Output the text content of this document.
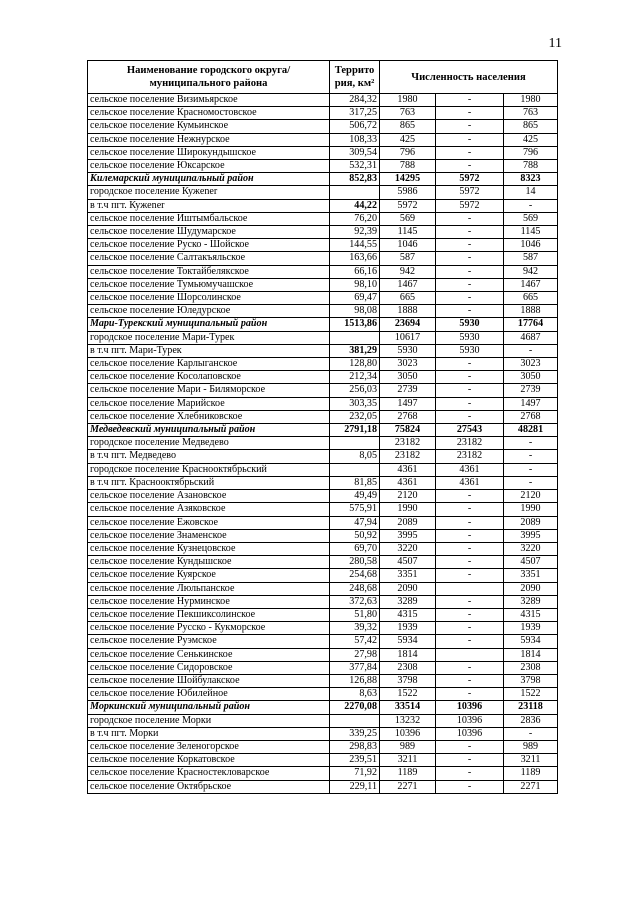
11
Наименование городского округа/муниципального района	Террито рия, км²	Численность населения		
сельское поселение Визимьярское	284,32	1980	-	1980
сельское поселение Красномостовское	317,25	763	-	763
сельское поселение Кумьинское	506,72	865	-	865
сельское поселение Нежнурское	108,33	425	-	425
сельское поселение Широкундышское	309,54	796	-	796
сельское поселение Юксарское	532,31	788	-	788
Килемарский муниципальный район	852,83	14295	5972	8323
городское поселение Кужener		5986	5972	14
в т.ч пгт. Кужener	44,22	5972	5972	-
сельское поселение Иштымбальское	76,20	569	-	569
сельское поселение Шудумарское	92,39	1145	-	1145
сельское поселение Руско - Шойское	144,55	1046	-	1046
сельское поселение Салтакъяльское	163,66	587	-	587
сельское поселение Токтайбелякское	66,16	942	-	942
сельское поселение Тумьюмучашское	98,10	1467	-	1467
сельское поселение Шорсолинское	69,47	665	-	665
сельское поселение Юледурское	98,08	1888	-	1888
Мари-Турекский муниципальный район	1513,86	23694	5930	17764
городское поселение Мари-Турек		10617	5930	4687
в т.ч пгт. Мари-Турек	381,29	5930	5930	-
сельское поселение Карлыганское	128,80	3023	-	3023
сельское поселение Косолаповское	212,34	3050	-	3050
сельское поселение Мари - Биляморское	256,03	2739	-	2739
сельское поселение Марийское	303,35	1497	-	1497
сельское поселение Хлебниковское	232,05	2768	-	2768
Медведевский муниципальный район	2791,18	75824	27543	48281
городское поселение Медведево		23182	23182	-
в т.ч пгт. Медведево	8,05	23182	23182	-
городское поселение Краснооктябрьский		4361	4361	-
в т.ч пгт. Краснооктябрьский	81,85	4361	4361	-
сельское поселение Азановское	49,49	2120	-	2120
сельское поселение Азяковское	575,91	1990	-	1990
сельское поселение Ежовское	47,94	2089	-	2089
сельское поселение Знаменское	50,92	3995	-	3995
сельское поселение Кузнецовское	69,70	3220	-	3220
сельское поселение Кундышское	280,58	4507	-	4507
сельское поселение Куярское	254,68	3351	-	3351
сельское поселение Люльпанское	248,68	2090		2090
сельское поселение Нурминское	372,63	3289	-	3289
сельское поселение Пекшиксолинское	51,80	4315	-	4315
сельское поселение Русско - Кукморское	39,32	1939	-	1939
сельское поселение Руэмское	57,42	5934	-	5934
сельское поселение Сенькинское	27,98	1814		1814
сельское поселение Сидоровское	377,84	2308	-	2308
сельское поселение Шойбулакское	126,88	3798	-	3798
сельское поселение Юбилейное	8,63	1522	-	1522
Моркинский муниципальный район	2270,08	33514	10396	23118
городское поселение Морки		13232	10396	2836
в т.ч пгт. Морки	339,25	10396	10396	-
сельское поселение Зеленогорское	298,83	989	-	989
сельское поселение Коркатовское	239,51	3211	-	3211
сельское поселение Красностекловарское	71,92	1189	-	1189
сельское поселение Октябрьское	229,11	2271	-	2271
